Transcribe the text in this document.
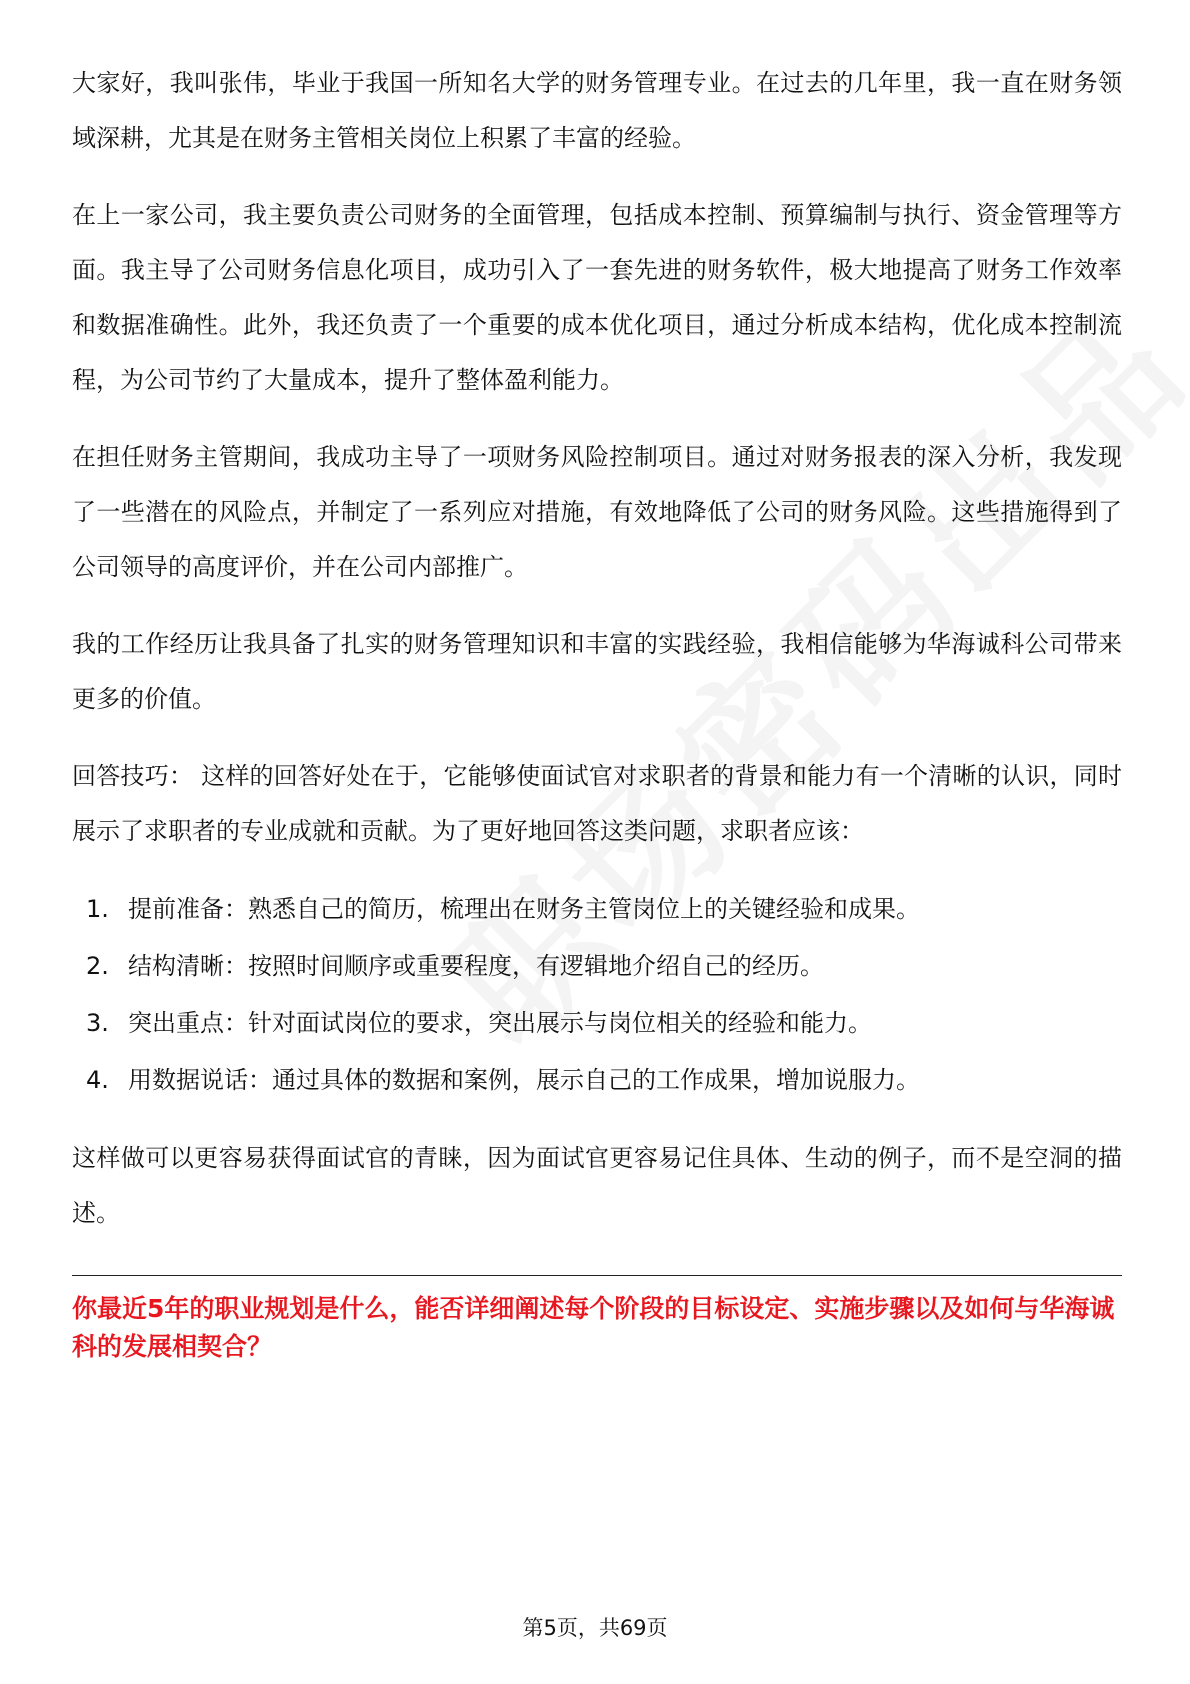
大家好，我叫张伟，毕业于我国一所知名大学的财务管理专业。在过去的几年里，我一直在财务领域深耕，尤其是在财务主管相关岗位上积累了丰富的经验。

在上一家公司，我主要负责公司财务的全面管理，包括成本控制、预算编制与执行、资金管理等方面。我主导了公司财务信息化项目，成功引入了一套先进的财务软件，极大地提高了财务工作效率和数据准确性。此外，我还负责了一个重要的成本优化项目，通过分析成本结构，优化成本控制流程，为公司节约了大量成本，提升了整体盈利能力。

在担任财务主管期间，我成功主导了一项财务风险控制项目。通过对财务报表的深入分析，我发现了一些潜在的风险点，并制定了一系列应对措施，有效地降低了公司的财务风险。这些措施得到了公司领导的高度评价，并在公司内部推广。

我的工作经历让我具备了扎实的财务管理知识和丰富的实践经验，我相信能够为华海诚科公司带来更多的价值。

回答技巧： 这样的回答好处在于，它能够使面试官对求职者的背景和能力有一个清晰的认识，同时展示了求职者的专业成就和贡献。为了更好地回答这类问题，求职者应该：

1. 提前准备：熟悉自己的简历，梳理出在财务主管岗位上的关键经验和成果。
2. 结构清晰：按照时间顺序或重要程度，有逻辑地介绍自己的经历。
3. 突出重点：针对面试岗位的要求，突出展示与岗位相关的经验和能力。
4. 用数据说话：通过具体的数据和案例，展示自己的工作成果，增加说服力。

这样做可以更容易获得面试官的青睐，因为面试官更容易记住具体、生动的例子，而不是空洞的描述。

你最近5年的职业规划是什么，能否详细阐述每个阶段的目标设定、实施步骤以及如何与华海诚科的发展相契合？

第5页，共69页
